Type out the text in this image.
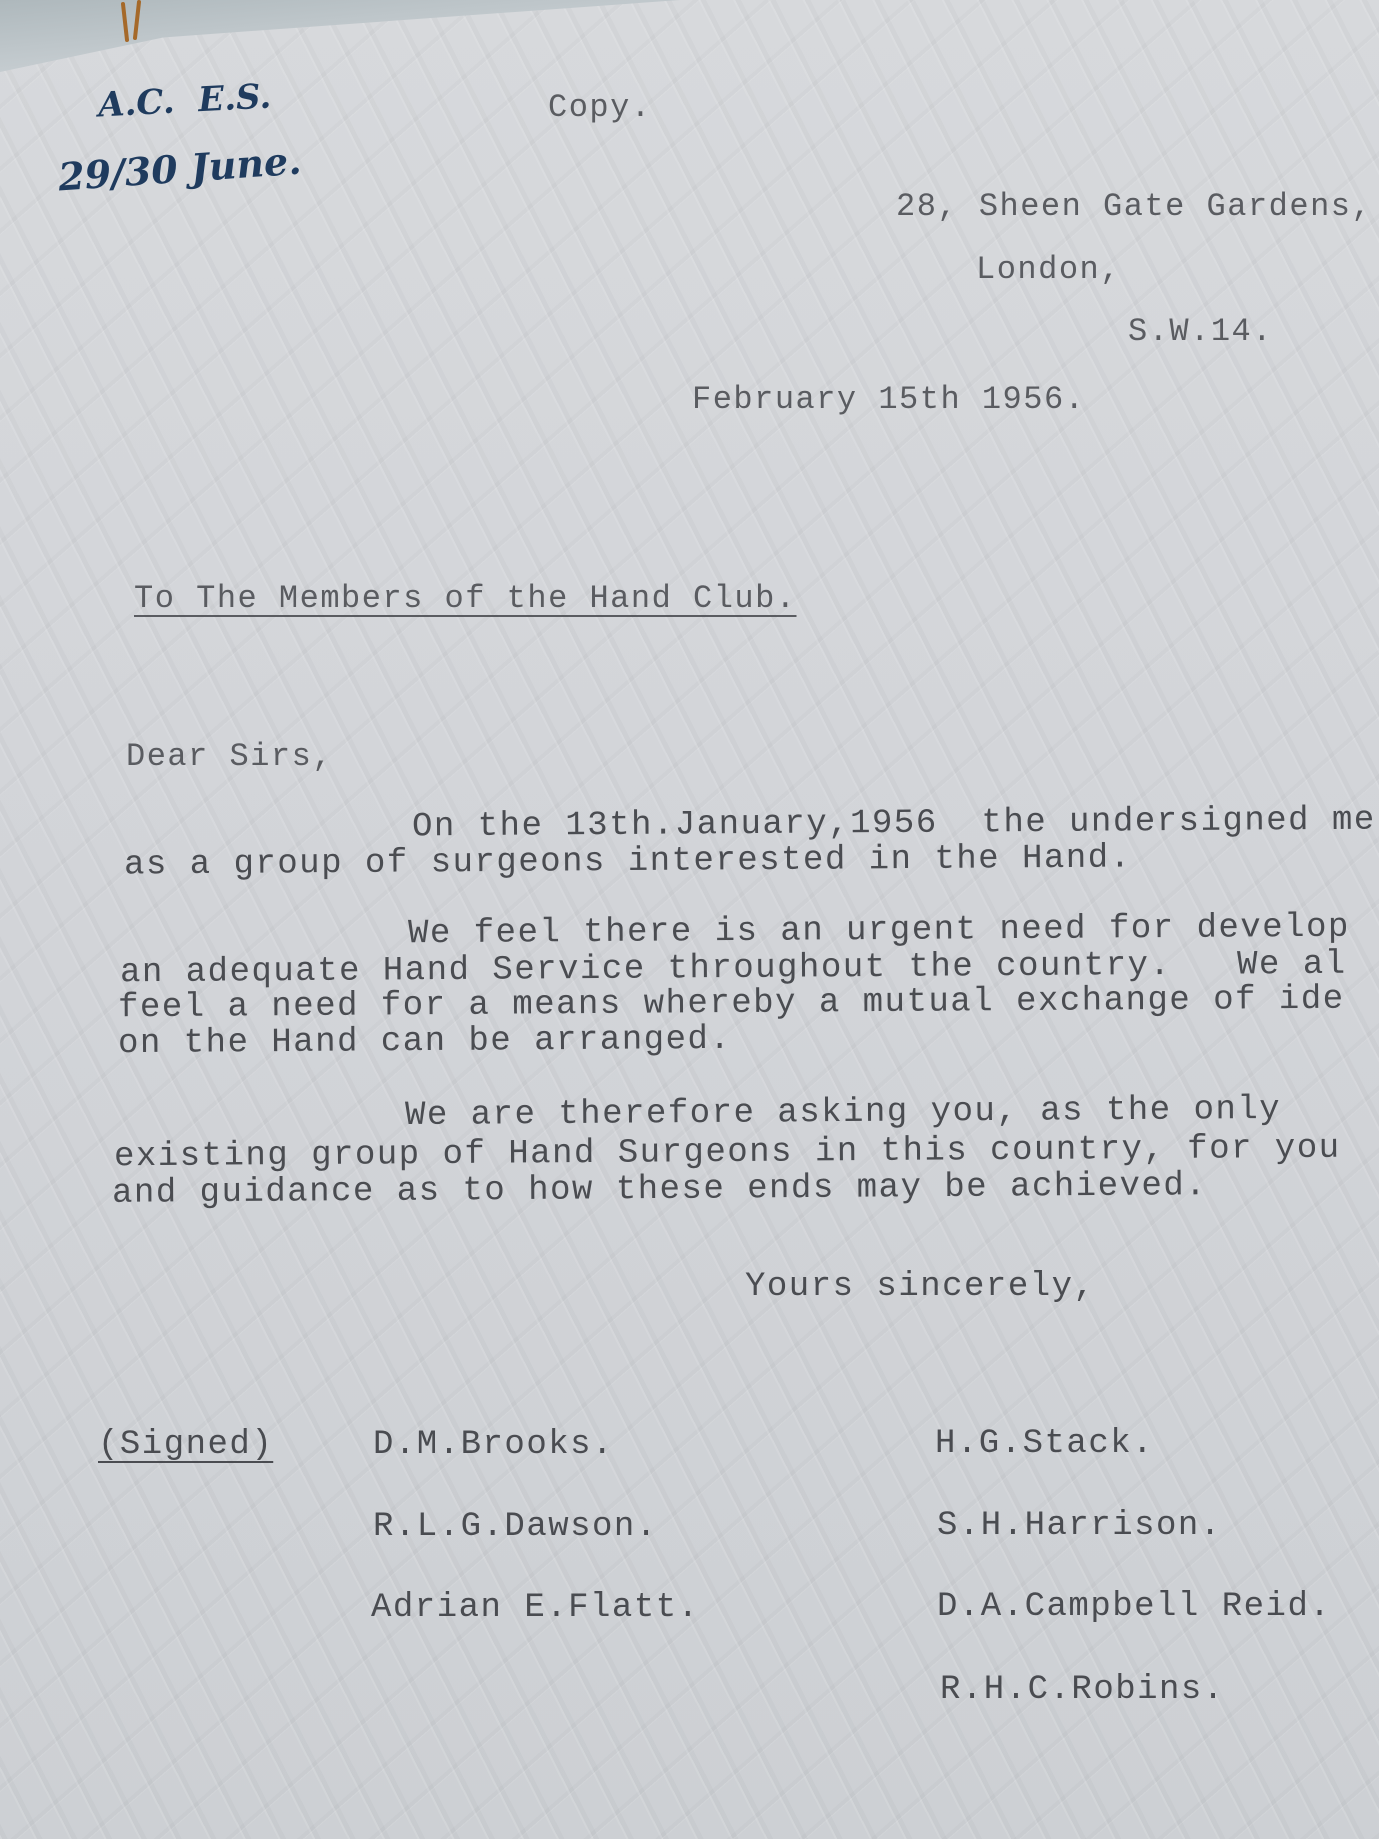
A.C.  E.S.
29/30 June.
Copy.
28, Sheen Gate Gardens,
London,
S.W.14.
February 15th 1956.
To The Members of the Hand Club.
Dear Sirs,
On the 13th.January,1956  the undersigned me
as a group of surgeons interested in the Hand.
We feel there is an urgent need for develop
an adequate Hand Service throughout the country.   We al
feel a need for a means whereby a mutual exchange of ide
on the Hand can be arranged.
We are therefore asking you, as the only
existing group of Hand Surgeons in this country, for you
and guidance as to how these ends may be achieved.
Yours sincerely,
(Signed)	D.M.Brooks.
R.L.G.Dawson.
Adrian E.Flatt.
H.G.Stack.
S.H.Harrison.
D.A.Campbell Reid.
R.H.C.Robins.
